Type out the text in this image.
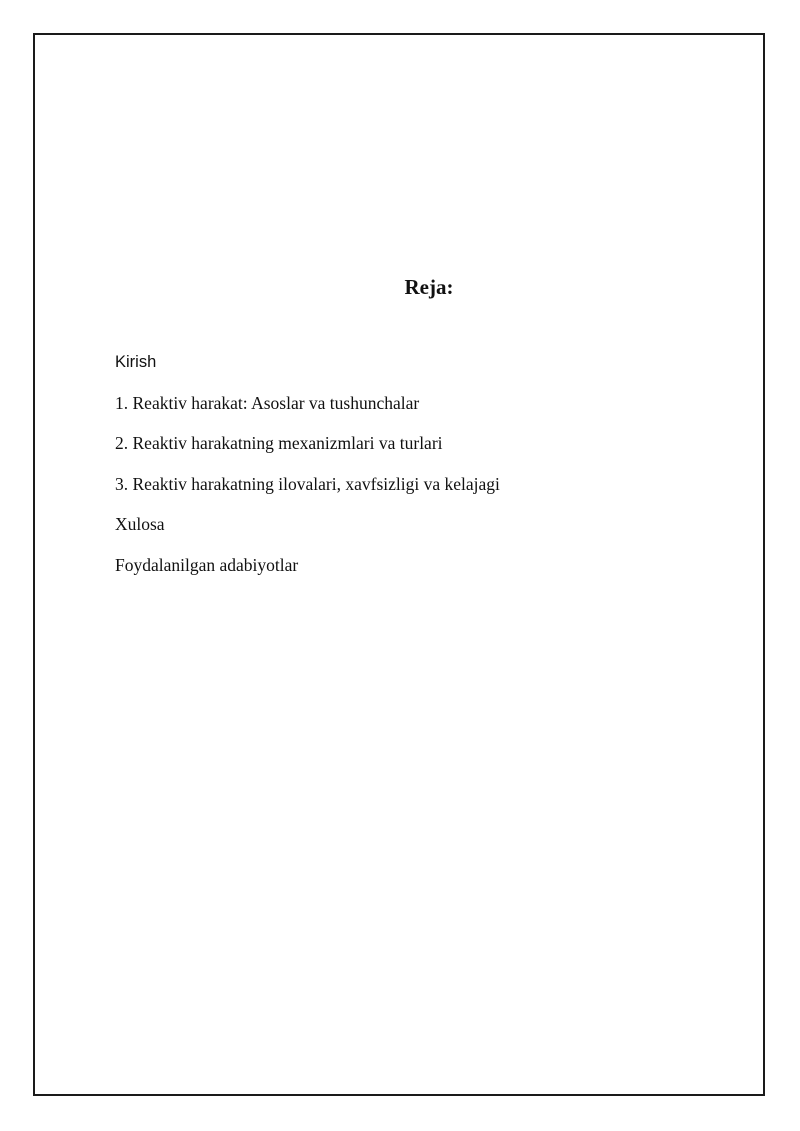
Reja:
Kirish
1. Reaktiv harakat: Asoslar va tushunchalar
2. Reaktiv harakatning mexanizmlari va turlari
3. Reaktiv harakatning ilovalari, xavfsizligi va kelajagi
Xulosa
Foydalanilgan adabiyotlar
